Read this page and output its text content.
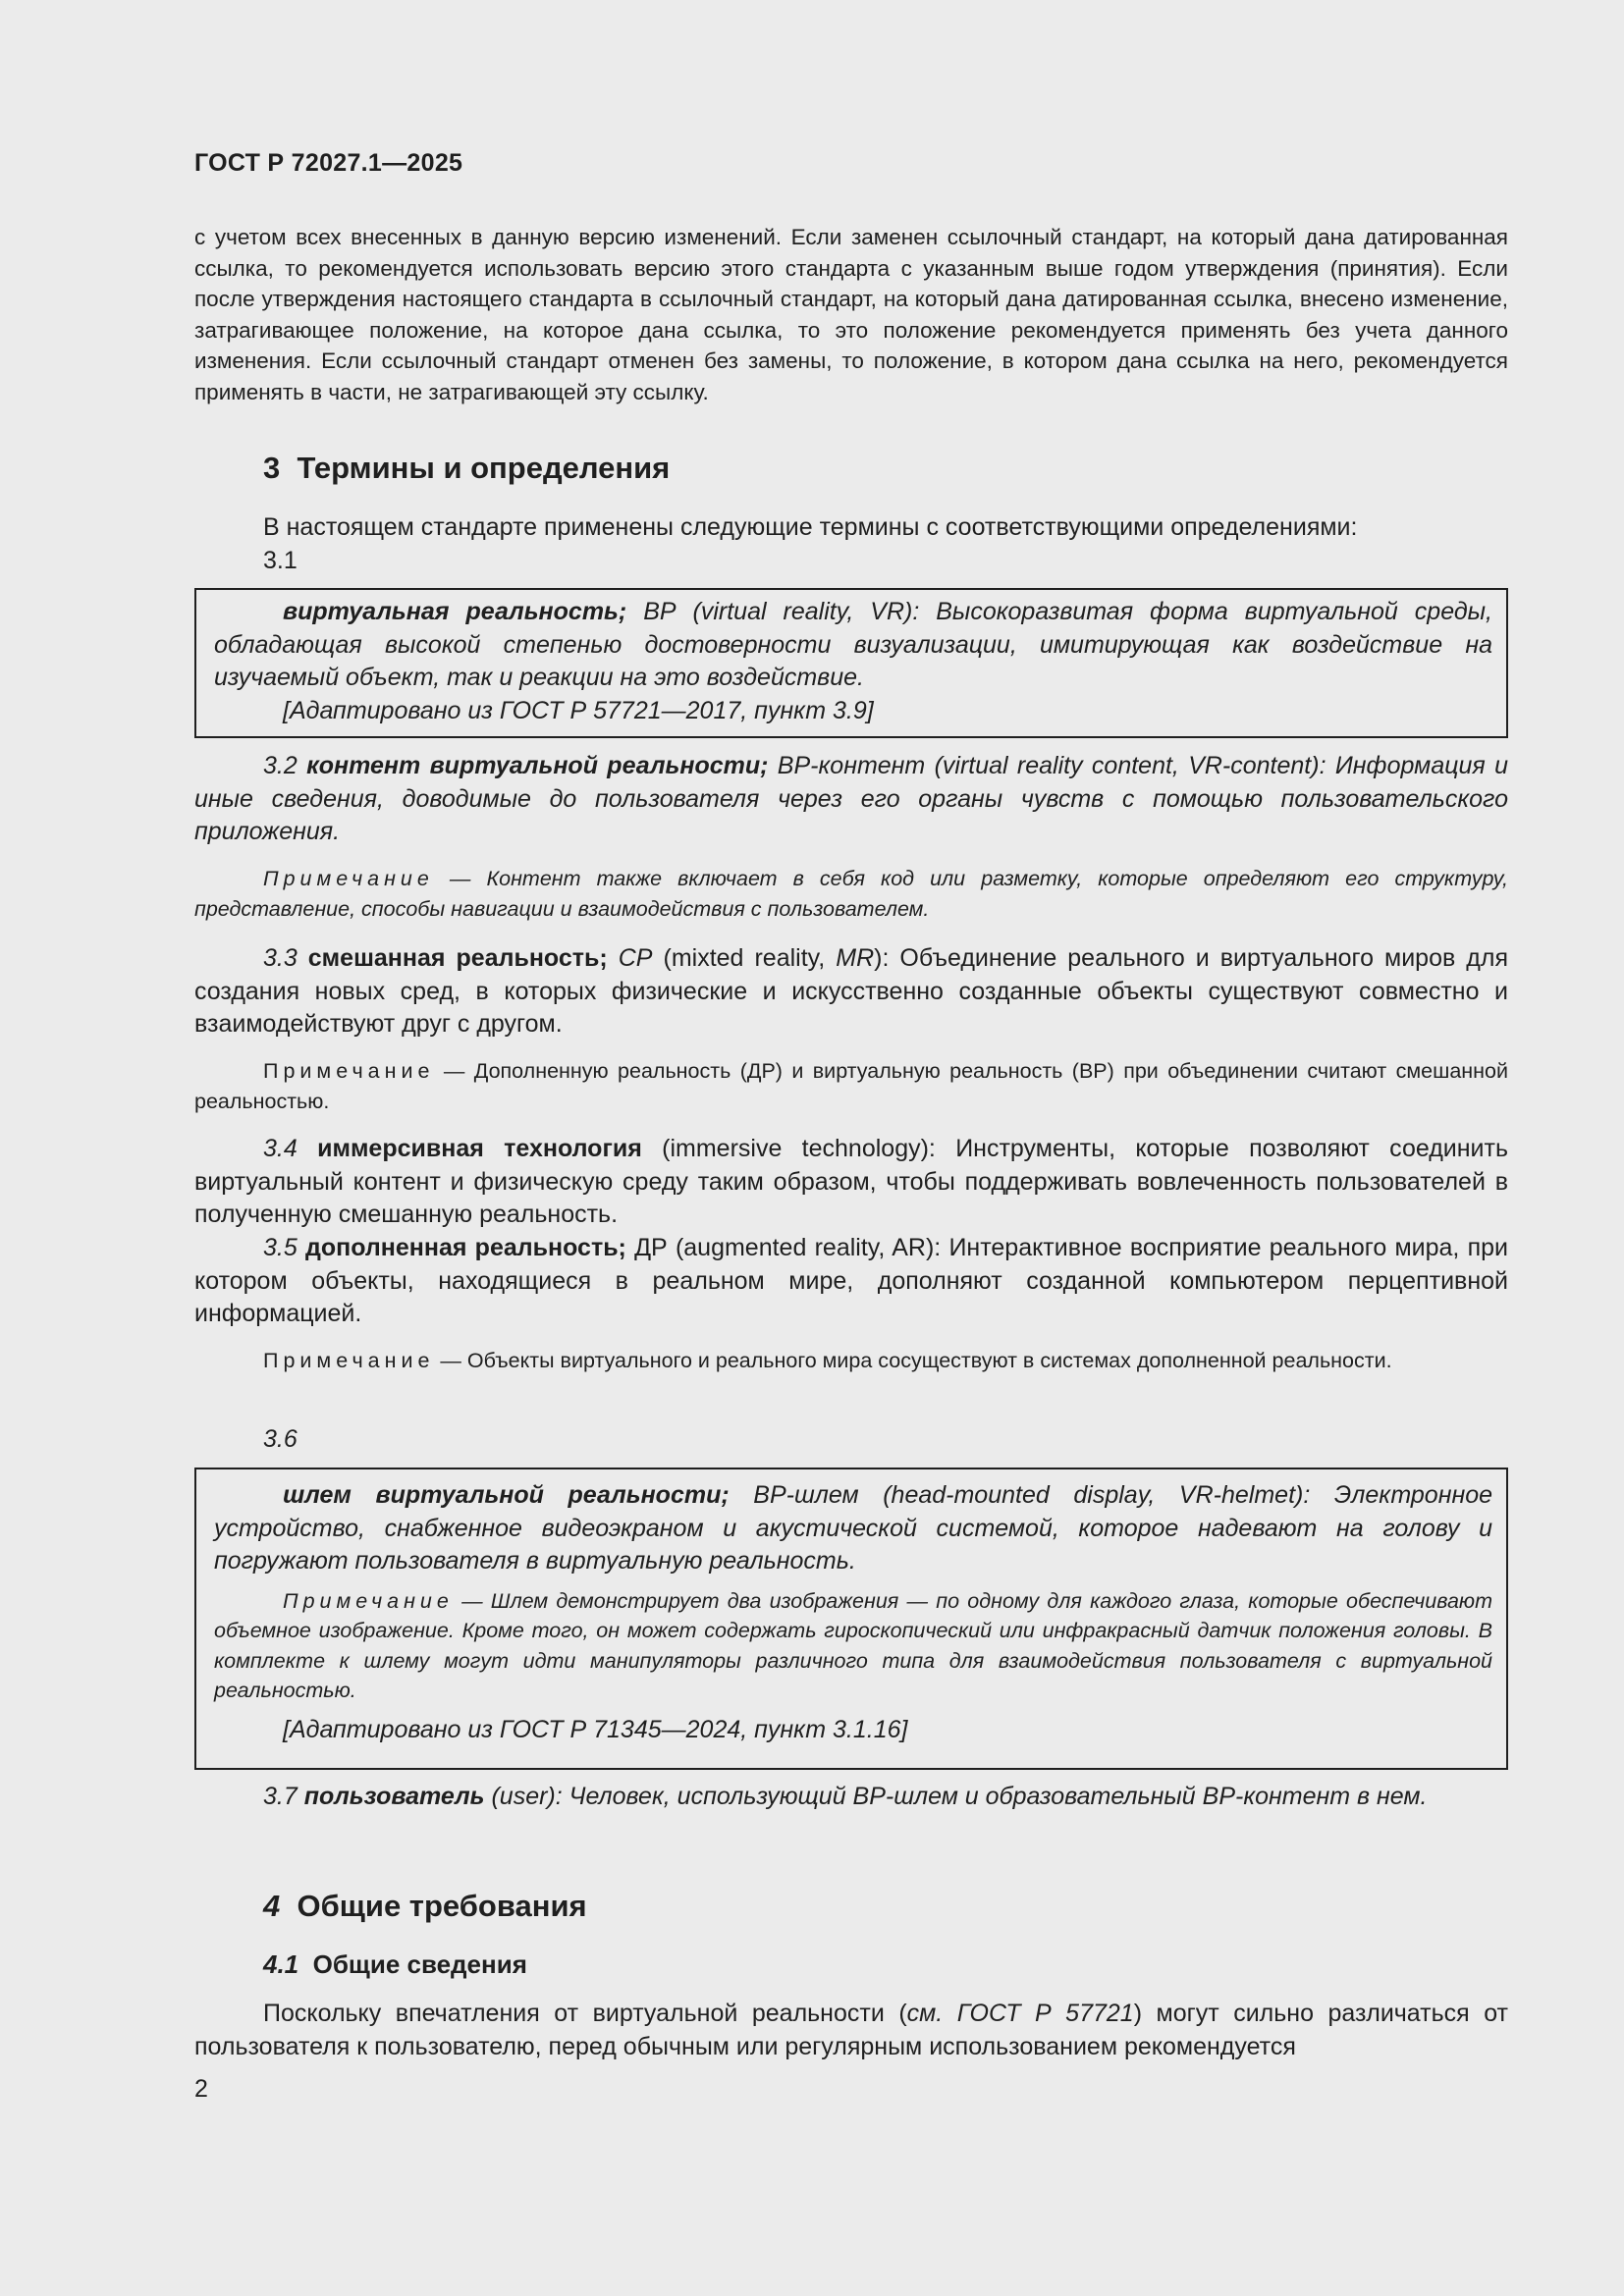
ГОСТ Р 72027.1—2025

с учетом всех внесенных в данную версию изменений. Если заменен ссылочный стандарт, на который дана датированная ссылка, то рекомендуется использовать версию этого стандарта с указанным выше годом утверждения (принятия). Если после утверждения настоящего стандарта в ссылочный стандарт, на который дана датированная ссылка, внесено изменение, затрагивающее положение, на которое дана ссылка, то это положение рекомендуется применять без учета данного изменения. Если ссылочный стандарт отменен без замены, то положение, в котором дана ссылка на него, рекомендуется применять в части, не затрагивающей эту ссылку.

3 Термины и определения

В настоящем стандарте применены следующие термины с соответствующими определениями:

3.1

виртуальная реальность; ВР (virtual reality, VR): Высокоразвитая форма виртуальной среды, обладающая высокой степенью достоверности визуализации, имитирующая как воздействие на изучаемый объект, так и реакции на это воздействие.

[Адаптировано из ГОСТ Р 57721—2017, пункт 3.9]

3.2 контент виртуальной реальности; ВР-контент (virtual reality content, VR-content): Информация и иные сведения, доводимые до пользователя через его органы чувств с помощью пользовательского приложения.

Примечание — Контент также включает в себя код или разметку, которые определяют его структуру, представление, способы навигации и взаимодействия с пользователем.

3.3 смешанная реальность; СР (mixted reality, MR): Объединение реального и виртуального миров для создания новых сред, в которых физические и искусственно созданные объекты существуют совместно и взаимодействуют друг с другом.

Примечание — Дополненную реальность (ДР) и виртуальную реальность (ВР) при объединении считают смешанной реальностью.

3.4 иммерсивная технология (immersive technology): Инструменты, которые позволяют соединить виртуальный контент и физическую среду таким образом, чтобы поддерживать вовлеченность пользователей в полученную смешанную реальность.

3.5 дополненная реальность; ДР (augmented reality, AR): Интерактивное восприятие реального мира, при котором объекты, находящиеся в реальном мире, дополняют созданной компьютером перцептивной информацией.

Примечание — Объекты виртуального и реального мира сосуществуют в системах дополненной реальности.

3.6

шлем виртуальной реальности; ВР-шлем (head-mounted display, VR-helmet): Электронное устройство, снабженное видеоэкраном и акустической системой, которое надевают на голову и погружают пользователя в виртуальную реальность.

Примечание — Шлем демонстрирует два изображения — по одному для каждого глаза, которые обеспечивают объемное изображение. Кроме того, он может содержать гироскопический или инфракрасный датчик положения головы. В комплекте к шлему могут идти манипуляторы различного типа для взаимодействия пользователя с виртуальной реальностью.

[Адаптировано из ГОСТ Р 71345—2024, пункт 3.1.16]

3.7 пользователь (user): Человек, использующий ВР-шлем и образовательный ВР-контент в нем.

4 Общие требования
4.1 Общие сведения

Поскольку впечатления от виртуальной реальности (см. ГОСТ Р 57721) могут сильно различаться от пользователя к пользователю, перед обычным или регулярным использованием рекомендуется

2
